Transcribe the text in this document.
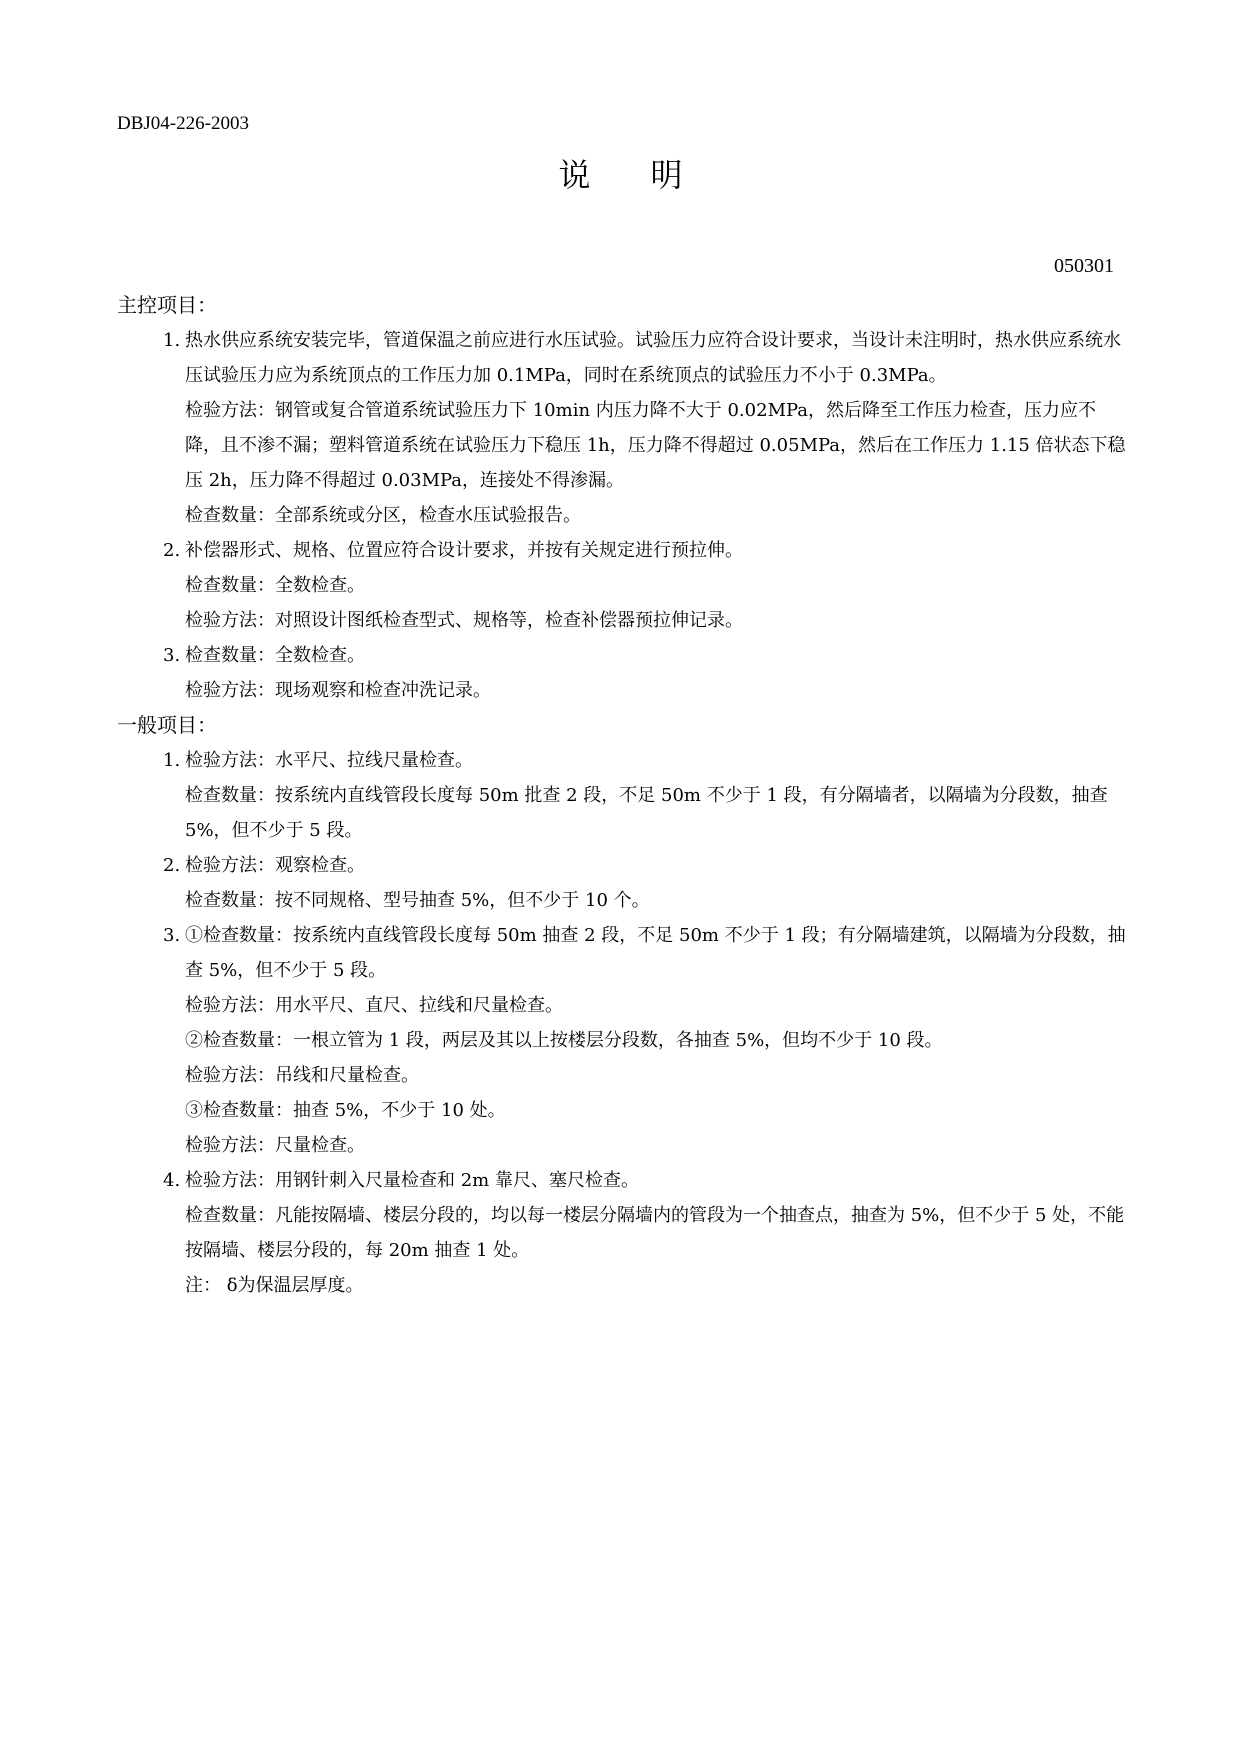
DBJ04-226-2003
说 明
050301

主控项目：

1. 热水供应系统安装完毕，管道保温之前应进行水压试验。试验压力应符合设计要求，当设计未注明时，热水供应系统水压试验压力应为系统顶点的工作压力加 0.1MPa，同时在系统顶点的试验压力不小于 0.3MPa。

检验方法：钢管或复合管道系统试验压力下 10min 内压力降不大于 0.02MPa，然后降至工作压力检查，压力应不降，且不渗不漏；塑料管道系统在试验压力下稳压 1h，压力降不得超过 0.05MPa，然后在工作压力 1.15 倍状态下稳压 2h，压力降不得超过 0.03MPa，连接处不得渗漏。

检查数量：全部系统或分区，检查水压试验报告。

2. 补偿器形式、规格、位置应符合设计要求，并按有关规定进行预拉伸。

检查数量：全数检查。

检验方法：对照设计图纸检查型式、规格等，检查补偿器预拉伸记录。

3. 检查数量：全数检查。

检验方法：现场观察和检查冲洗记录。

一般项目：

1. 检验方法：水平尺、拉线尺量检查。

检查数量：按系统内直线管段长度每 50m 批查 2 段，不足 50m 不少于 1 段，有分隔墙者，以隔墙为分段数，抽查 5%，但不少于 5 段。

2. 检验方法：观察检查。

检查数量：按不同规格、型号抽查 5%，但不少于 10 个。

3. ①检查数量：按系统内直线管段长度每 50m 抽查 2 段，不足 50m 不少于 1 段；有分隔墙建筑，以隔墙为分段数，抽查 5%，但不少于 5 段。

检验方法：用水平尺、直尺、拉线和尺量检查。

②检查数量：一根立管为 1 段，两层及其以上按楼层分段数，各抽查 5%，但均不少于 10 段。

检验方法：吊线和尺量检查。

③检查数量：抽查 5%，不少于 10 处。

检验方法：尺量检查。

4. 检验方法：用钢针刺入尺量检查和 2m 靠尺、塞尺检查。

检查数量：凡能按隔墙、楼层分段的，均以每一楼层分隔墙内的管段为一个抽查点，抽查为 5%，但不少于 5 处，不能按隔墙、楼层分段的，每 20m 抽查 1 处。

注： δ为保温层厚度。
